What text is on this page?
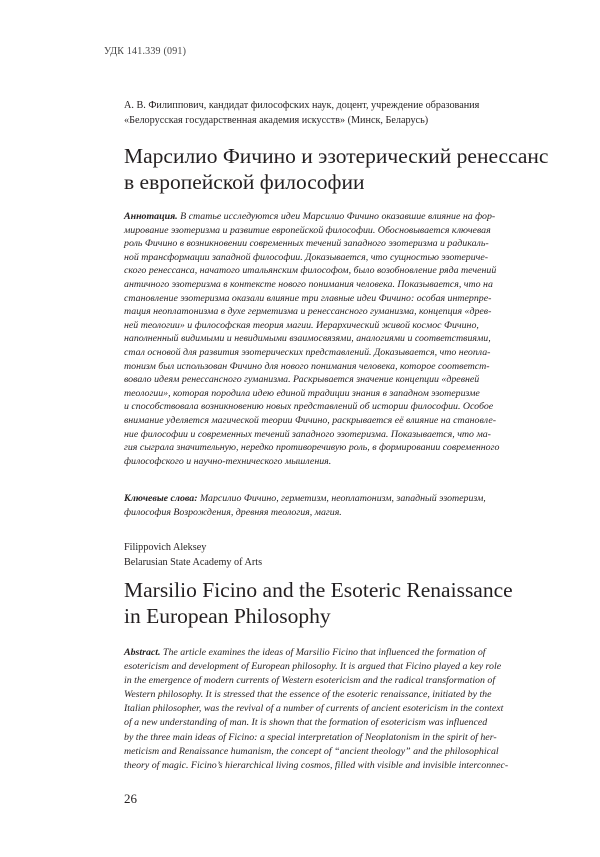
УДК 141.339 (091)
А. В. Филиппович, кандидат философских наук, доцент, учреждение образования
«Белорусская государственная академия искусств» (Минск, Беларусь)
Марсилио Фичино и эзотерический ренессанс
в европейской философии
Аннотация. В статье исследуются идеи Марсилио Фичино оказавшие влияние на фор-
мирование эзотеризма и развитие европейской философии. Обосновывается ключевая
роль Фичино в возникновении современных течений западного эзотеризма и радикаль-
ной трансформации западной философии. Доказывается, что сущностью эзотериче-
ского ренессанса, начатого итальянским философом, было возобновление ряда течений
античного эзотеризма в контексте нового понимания человека. Показывается, что на
становление эзотеризма оказали влияние три главные идеи Фичино: особая интерпре-
тация неоплатонизма в духе герметизма и ренессансного гуманизма, концепция «древ-
ней теологии» и философская теория магии. Иерархический живой космос Фичино,
наполненный видимыми и невидимыми взаимосвязями, аналогиями и соответствиями,
стал основой для развития эзотерических представлений. Доказывается, что неопла-
тонизм был использован Фичино для нового понимания человека, которое соответст-
вовало идеям ренессансного гуманизма. Раскрывается значение концепции «древней
теологии», которая породила идею единой традиции знания в западном эзотеризме
и способствовала возникновению новых представлений об истории философии. Особое
внимание уделяется магической теории Фичино, раскрывается её влияние на становле-
ние философии и современных течений западного эзотеризма. Показывается, что ма-
гия сыграла значительную, нередко противоречивую роль, в формировании современного
философского и научно-технического мышления.
Ключевые слова: Марсилио Фичино, герметизм, неоплатонизм, западный эзотеризм,
философия Возрождения, древняя теология, магия.
Filippovich Aleksey
Belarusian State Academy of Arts
Marsilio Ficino and the Esoteric Renaissance
in European Philosophy
Abstract. The article examines the ideas of Marsilio Ficino that influenced the formation of
esotericism and development of European philosophy. It is argued that Ficino played a key role
in the emergence of modern currents of Western esotericism and the radical transformation of
Western philosophy. It is stressed that the essence of the esoteric renaissance, initiated by the
Italian philosopher, was the revival of a number of currents of ancient esotericism in the context
of a new understanding of man. It is shown that the formation of esotericism was influenced
by the three main ideas of Ficino: a special interpretation of Neoplatonism in the spirit of her-
meticism and Renaissance humanism, the concept of “ancient theology” and the philosophical
theory of magic. Ficino’s hierarchical living cosmos, filled with visible and invisible interconnec-
26
